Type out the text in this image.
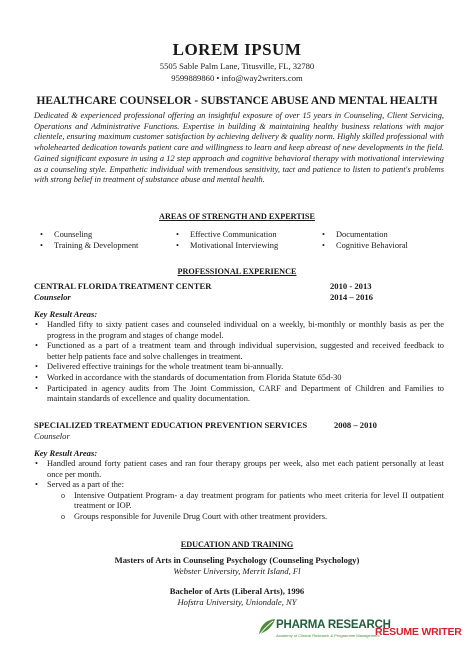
LOREM IPSUM
5505 Sable Palm Lane, Titusville, FL, 32780
9599889860 • info@way2writers.com
HEALTHCARE COUNSELOR - SUBSTANCE ABUSE AND MENTAL HEALTH

Dedicated & experienced professional offering an insightful exposure of over 15 years in Counseling, Client Servicing, Operations and Administrative Functions. Expertise in building & maintaining healthy business relations with major clientele, ensuring maximum customer satisfaction by achieving delivery & quality norm. Highly skilled professional with wholehearted dedication towards patient care and willingness to learn and keep abreast of new developments in the field. Gained significant exposure in using a 12 step approach and cognitive behavioral therapy with motivational interviewing as a counseling style. Empathetic individual with tremendous sensitivity, tact and patience to listen to patient's problems with strong belief in treatment of substance abuse and mental health.

AREAS OF STRENGTH AND EXPERTISE
• Counseling
• Training & Development
• Effective Communication
• Motivational Interviewing
• Documentation
• Cognitive Behavioral
PROFESSIONAL EXPERIENCE
CENTRAL FLORIDA TREATMENT CENTER	2010 - 2013
Counselor	2014 – 2016
Key Result Areas:
• Handled fifty to sixty patient cases and counseled individual on a weekly, bi-monthly or monthly basis as per the progress in the program and stages of change model.
• Functioned as a part of a treatment team and through individual supervision, suggested and received feedback to better help patients face and solve challenges in treatment.
• Delivered effective trainings for the whole treatment team bi-annually.
• Worked in accordance with the standards of documentation from Florida Statute 65d-30
• Participated in agency audits from The Joint Commission, CARF and Department of Children and Families to maintain standards of excellence and quality documentation.
SPECIALIZED TREATMENT EDUCATION PREVENTION SERVICES	2008 – 2010
Counselor
Key Result Areas:
• Handled around forty patient cases and ran four therapy groups per week, also met each patient personally at least once per month.
• Served as a part of the:
o Intensive Outpatient Program- a day treatment program for patients who meet criteria for level II outpatient treatment or IOP.
o Groups responsible for Juvenile Drug Court with other treatment providers.
EDUCATION AND TRAINING
Masters of Arts in Counseling Psychology (Counseling Psychology)
Webster University, Merrit Island, Fl
Bachelor of Arts (Liberal Arts), 1996
Hofstra University, Uniondale, NY
PHARMA RESEARCH
Academy of Clinical Research & Programme Management
RESUME WRITER
